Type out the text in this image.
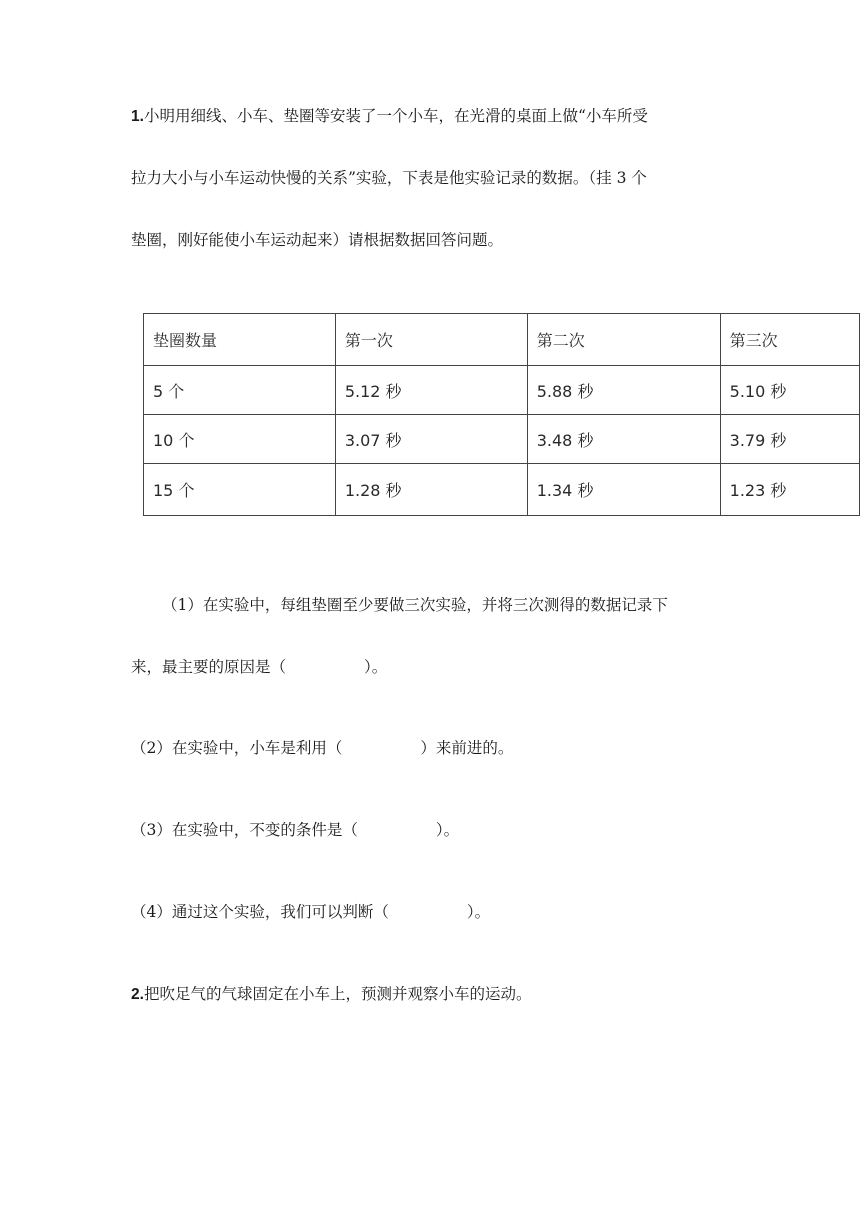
1.小明用细线、小车、垫圈等安装了一个小车，在光滑的桌面上做“小车所受
拉力大小与小车运动快慢的关系”实验，下表是他实验记录的数据。（挂 3 个
垫圈，刚好能使小车运动起来）请根据数据回答问题。
垫圈数量	第一次	第二次	第三次
5 个	5.12 秒	5.88 秒	5.10 秒
10 个	3.07 秒	3.48 秒	3.79 秒
15 个	1.28 秒	1.34 秒	1.23 秒
（1）在实验中，每组垫圈至少要做三次实验，并将三次测得的数据记录下
来，最主要的原因是（	）。
（2）在实验中，小车是利用（	）来前进的。
（3）在实验中，不变的条件是（	）。
（4）通过这个实验，我们可以判断（	）。
2.把吹足气的气球固定在小车上，预测并观察小车的运动。
